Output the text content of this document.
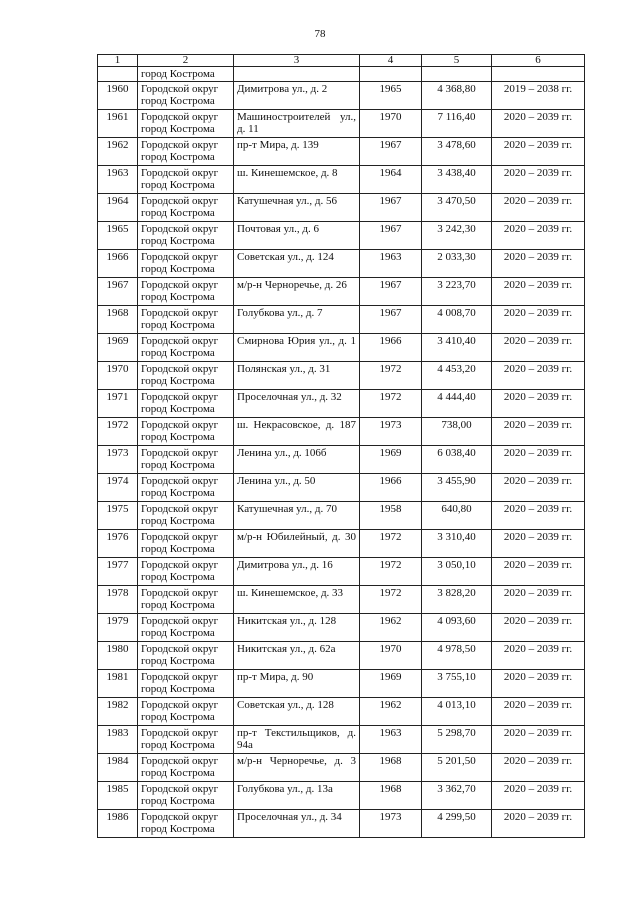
78
1	2	3	4	5	6
	город Кострома				
1960	Городской округ город Кострома	Димитрова ул., д. 2	1965	4 368,80	2019 – 2038 гг.
1961	Городской округ город Кострома	Машиностроителей ул., д. 11	1970	7 116,40	2020 – 2039 гг.
1962	Городской округ город Кострома	пр-т Мира, д. 139	1967	3 478,60	2020 – 2039 гг.
1963	Городской округ город Кострома	ш. Кинешемское, д. 8	1964	3 438,40	2020 – 2039 гг.
1964	Городской округ город Кострома	Катушечная ул., д. 56	1967	3 470,50	2020 – 2039 гг.
1965	Городской округ город Кострома	Почтовая ул., д. 6	1967	3 242,30	2020 – 2039 гг.
1966	Городской округ город Кострома	Советская ул., д. 124	1963	2 033,30	2020 – 2039 гг.
1967	Городской округ город Кострома	м/р-н Черноречье, д. 26	1967	3 223,70	2020 – 2039 гг.
1968	Городской округ город Кострома	Голубкова ул., д. 7	1967	4 008,70	2020 – 2039 гг.
1969	Городской округ город Кострома	Смирнова Юрия ул., д. 1	1966	3 410,40	2020 – 2039 гг.
1970	Городской округ город Кострома	Полянская ул., д. 31	1972	4 453,20	2020 – 2039 гг.
1971	Городской округ город Кострома	Проселочная ул., д. 32	1972	4 444,40	2020 – 2039 гг.
1972	Городской округ город Кострома	ш. Некрасовское, д. 187	1973	738,00	2020 – 2039 гг.
1973	Городской округ город Кострома	Ленина ул., д. 106б	1969	6 038,40	2020 – 2039 гг.
1974	Городской округ город Кострома	Ленина ул., д. 50	1966	3 455,90	2020 – 2039 гг.
1975	Городской округ город Кострома	Катушечная ул., д. 70	1958	640,80	2020 – 2039 гг.
1976	Городской округ город Кострома	м/р-н Юбилейный, д. 30	1972	3 310,40	2020 – 2039 гг.
1977	Городской округ город Кострома	Димитрова ул., д. 16	1972	3 050,10	2020 – 2039 гг.
1978	Городской округ город Кострома	ш. Кинешемское, д. 33	1972	3 828,20	2020 – 2039 гг.
1979	Городской округ город Кострома	Никитская ул., д. 128	1962	4 093,60	2020 – 2039 гг.
1980	Городской округ город Кострома	Никитская ул., д. 62а	1970	4 978,50	2020 – 2039 гг.
1981	Городской округ город Кострома	пр-т Мира, д. 90	1969	3 755,10	2020 – 2039 гг.
1982	Городской округ город Кострома	Советская ул., д. 128	1962	4 013,10	2020 – 2039 гг.
1983	Городской округ город Кострома	пр-т Текстильщиков, д. 94а	1963	5 298,70	2020 – 2039 гг.
1984	Городской округ город Кострома	м/р-н Черноречье, д. 3	1968	5 201,50	2020 – 2039 гг.
1985	Городской округ город Кострома	Голубкова ул., д. 13а	1968	3 362,70	2020 – 2039 гг.
1986	Городской округ город Кострома	Проселочная ул., д. 34	1973	4 299,50	2020 – 2039 гг.
